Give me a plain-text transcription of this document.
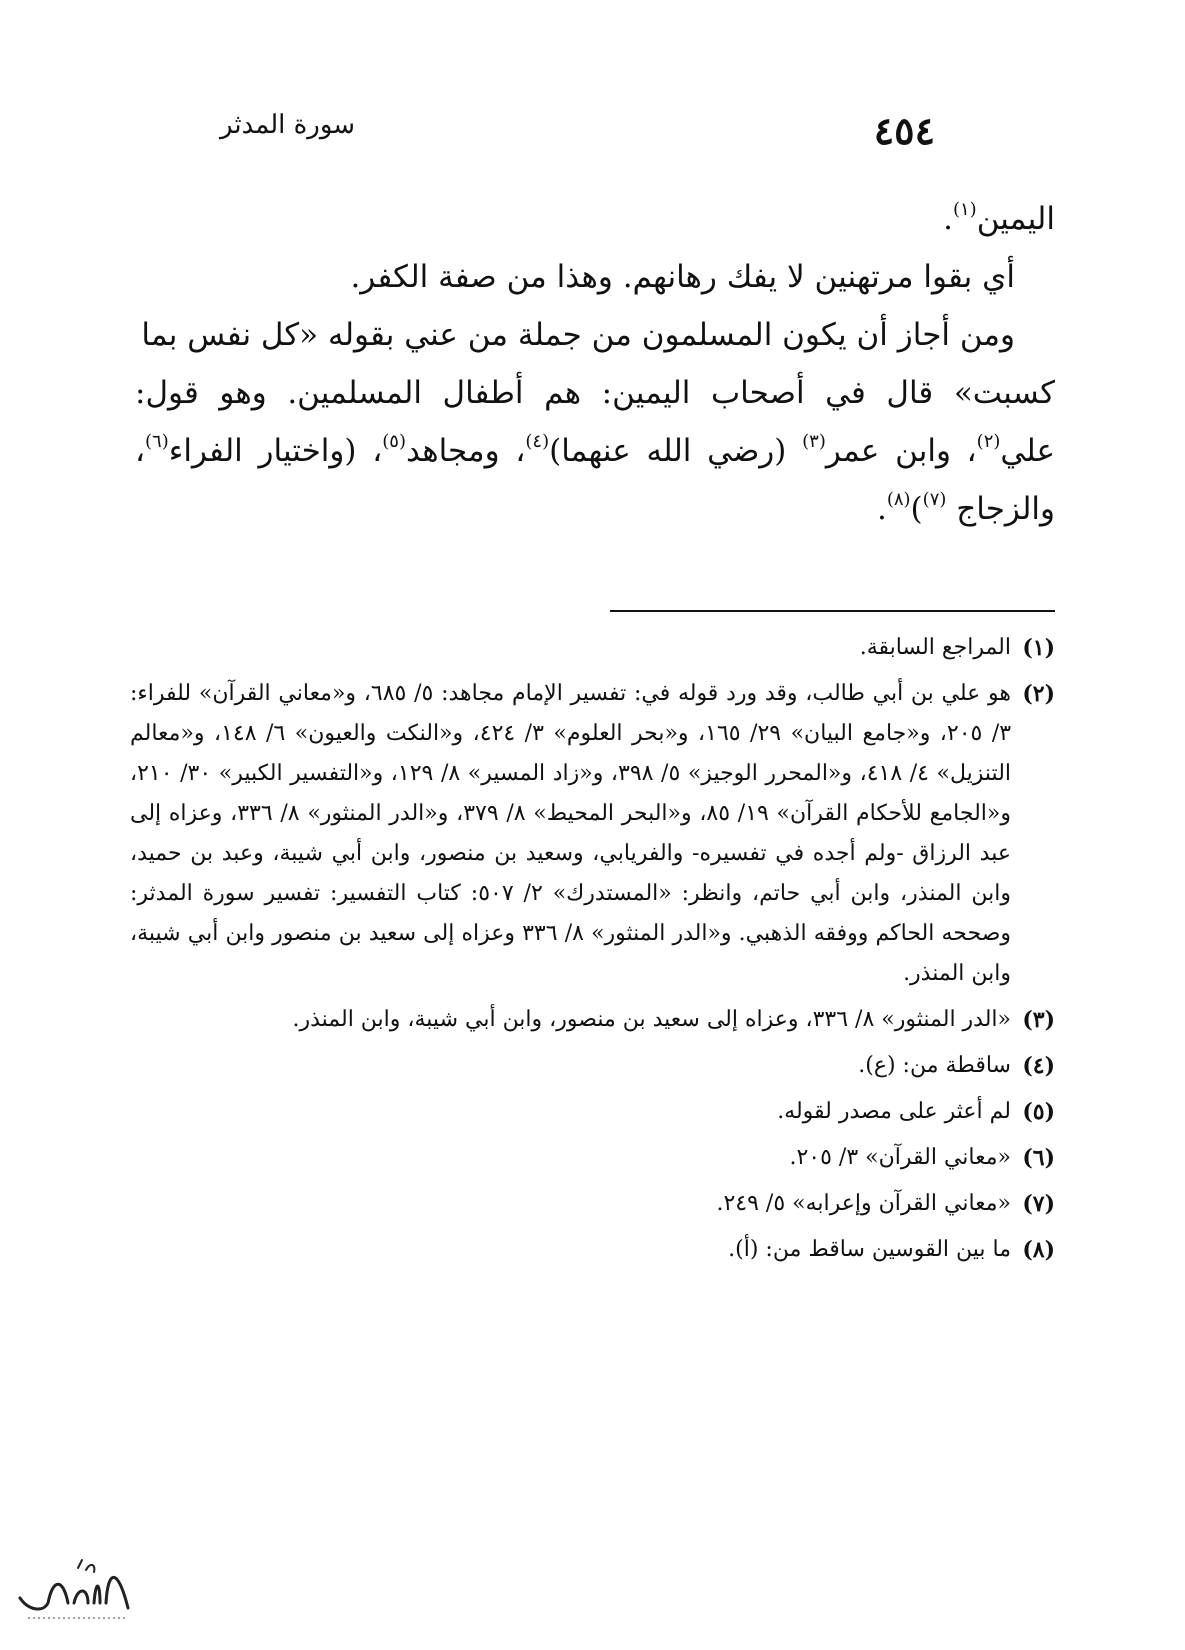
٤٥٤
سورة المدثر

اليمين$^{(١)}$.

أي بقوا مرتهنين لا يفك رهانهم. وهذا من صفة الكفر.

ومن أجاز أن يكون المسلمون من جملة من عني بقوله «كل نفس بما

كسبت» قال في أصحاب اليمين: هم أطفال المسلمين. وهو قول: علي$^{(٢)}$، وابن عمر$^{(٣)}$ (رضي الله عنهما)$^{(٤)}$، ومجاهد$^{(٥)}$، (واختيار الفراء$^{(٦)}$، والزجاج $^{(٧)}$)$^{(٨)}$.

(١)
المراجع السابقة.
(٢)
هو علي بن أبي طالب، وقد ورد قوله في: تفسير الإمام مجاهد: ٥/ ٦٨٥، و«معاني القرآن» للفراء: ٣/ ٢٠٥، و«جامع البيان» ٢٩/ ١٦٥، و«بحر العلوم» ٣/ ٤٢٤، و«النكت والعيون» ٦/ ١٤٨، و«معالم التنزيل» ٤/ ٤١٨، و«المحرر الوجيز» ٥/ ٣٩٨، و«زاد المسير» ٨/ ١٢٩، و«التفسير الكبير» ٣٠/ ٢١٠، و«الجامع للأحكام القرآن» ١٩/ ٨٥، و«البحر المحيط» ٨/ ٣٧٩، و«الدر المنثور» ٨/ ٣٣٦، وعزاه إلى عبد الرزاق -ولم أجده في تفسيره- والفريابي، وسعيد بن منصور، وابن أبي شيبة، وعبد بن حميد، وابن المنذر، وابن أبي حاتم، وانظر: «المستدرك» ٢/ ٥٠٧: كتاب التفسير: تفسير سورة المدثر: وصححه الحاكم ووفقه الذهبي. و«الدر المنثور» ٨/ ٣٣٦ وعزاه إلى سعيد بن منصور وابن أبي شيبة، وابن المنذر.
(٣)
«الدر المنثور» ٨/ ٣٣٦، وعزاه إلى سعيد بن منصور، وابن أبي شيبة، وابن المنذر.
(٤)
ساقطة من: (ع).
(٥)
لم أعثر على مصدر لقوله.
(٦)
«معاني القرآن» ٣/ ٢٠٥.
(٧)
«معاني القرآن وإعرابه» ٥/ ٢٤٩.
(٨)
ما بين القوسين ساقط من: (أ).
